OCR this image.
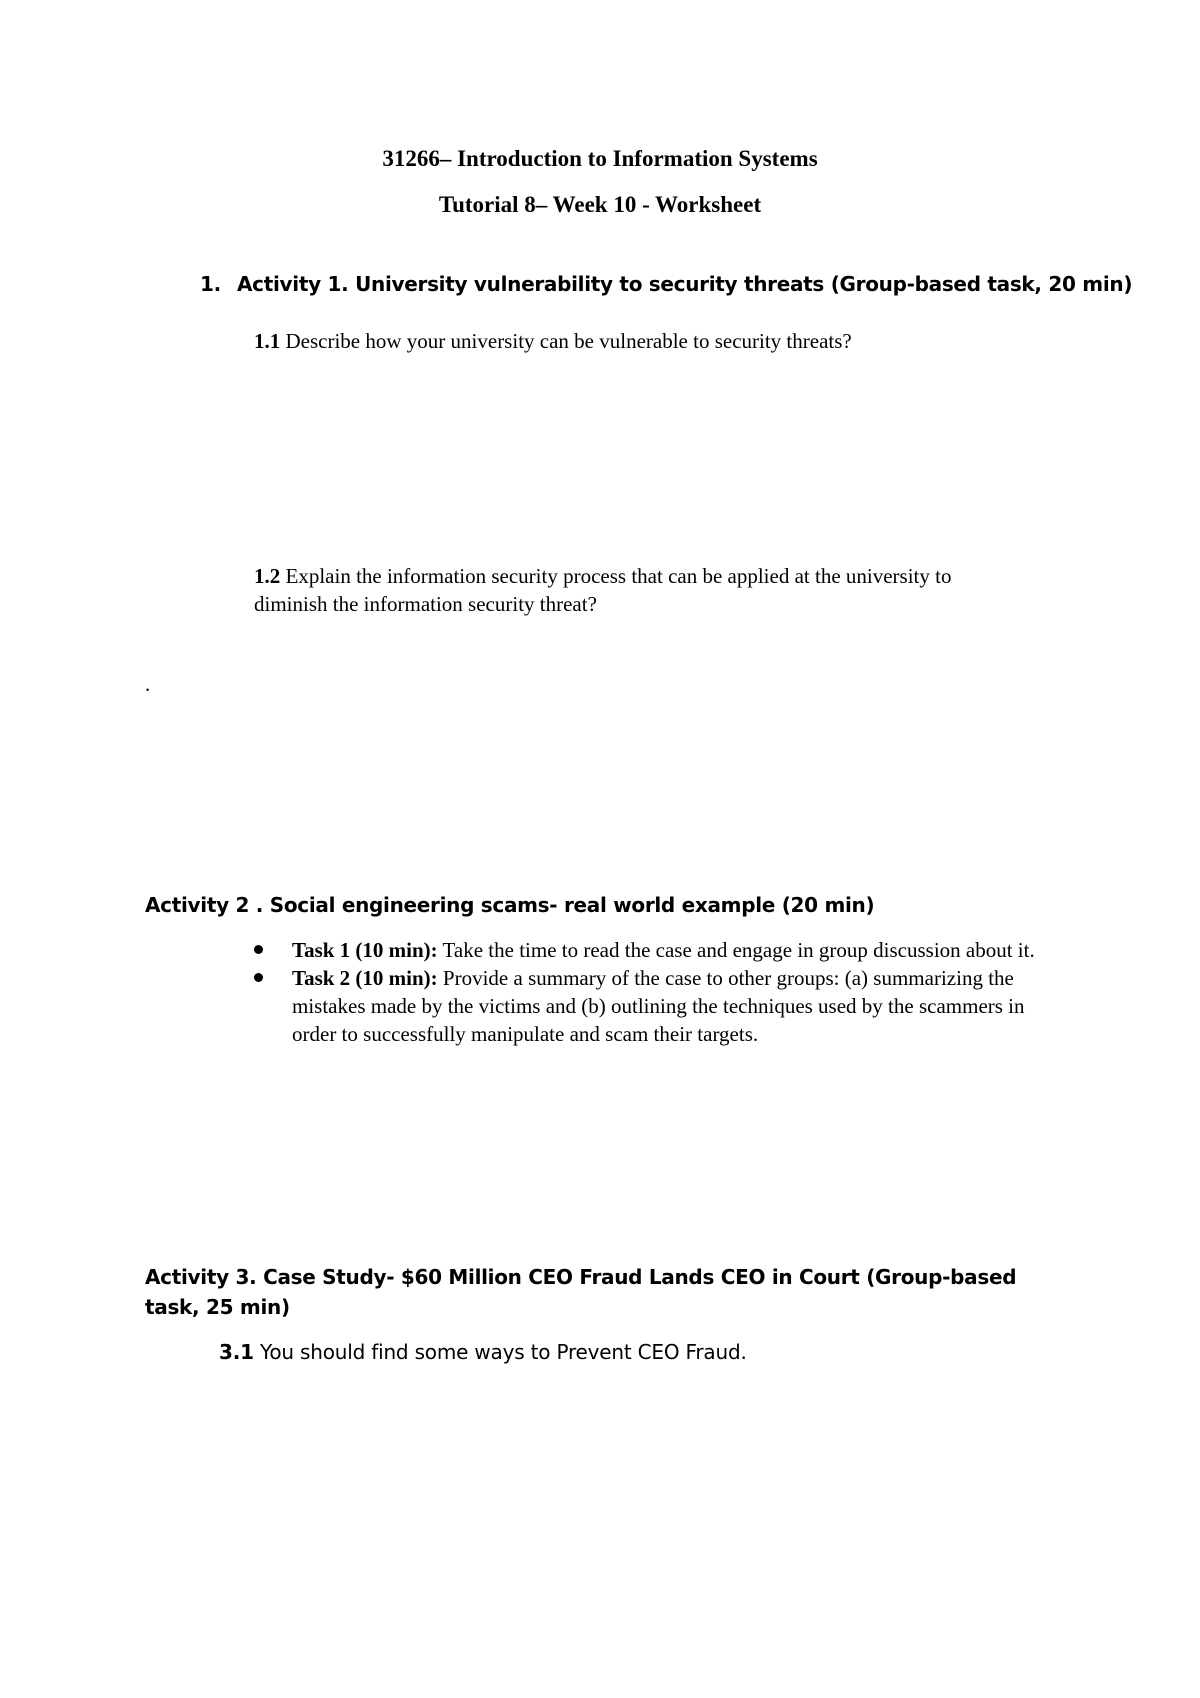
31266– Introduction to Information Systems
Tutorial 8– Week 10 - Worksheet
1. Activity 1. University vulnerability to security threats (Group-based task, 20 min)
1.1 Describe how your university can be vulnerable to security threats?
1.2 Explain the information security process that can be applied at the university to diminish the information security threat?
.
Activity 2 . Social engineering scams- real world example (20 min)

Task 1 (10 min): Take the time to read the case and engage in group discussion about it.

Task 2 (10 min): Provide a summary of the case to other groups: (a) summarizing the mistakes made by the victims and (b) outlining the techniques used by the scammers in order to successfully manipulate and scam their targets.

Activity 3. Case Study- $60 Million CEO Fraud Lands CEO in Court (Group-based task, 25 min)
3.1 You should find some ways to Prevent CEO Fraud.
